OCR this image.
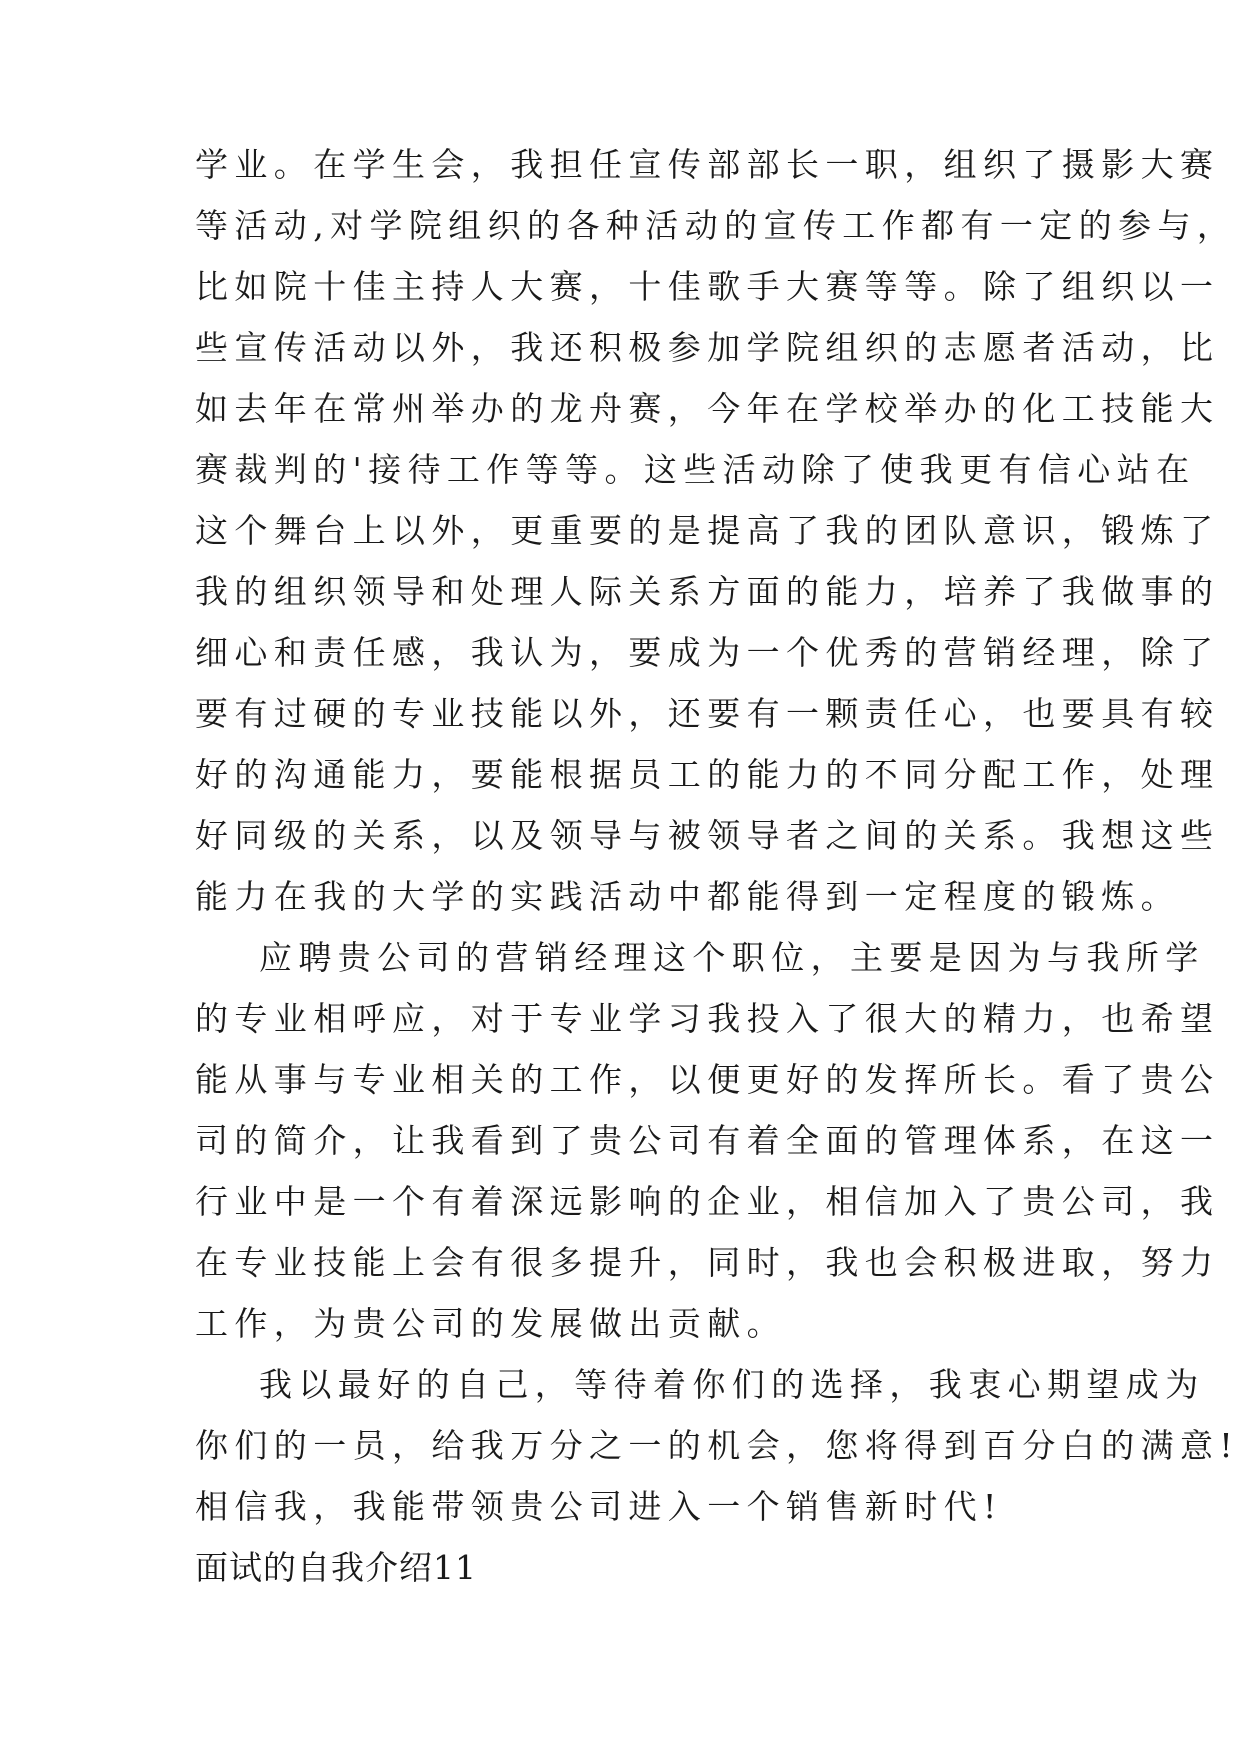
学业。在学生会，我担任宣传部部长一职，组织了摄影大赛
等活动,对学院组织的各种活动的宣传工作都有一定的参与，
比如院十佳主持人大赛，十佳歌手大赛等等。除了组织以一
些宣传活动以外，我还积极参加学院组织的志愿者活动，比
如去年在常州举办的龙舟赛，今年在学校举办的化工技能大
赛裁判的'接待工作等等。这些活动除了使我更有信心站在
这个舞台上以外，更重要的是提高了我的团队意识，锻炼了
我的组织领导和处理人际关系方面的能力，培养了我做事的
细心和责任感，我认为，要成为一个优秀的营销经理，除了
要有过硬的专业技能以外，还要有一颗责任心，也要具有较
好的沟通能力，要能根据员工的能力的不同分配工作，处理
好同级的关系，以及领导与被领导者之间的关系。我想这些
能力在我的大学的实践活动中都能得到一定程度的锻炼。
应聘贵公司的营销经理这个职位，主要是因为与我所学
的专业相呼应，对于专业学习我投入了很大的精力，也希望
能从事与专业相关的工作，以便更好的发挥所长。看了贵公
司的简介，让我看到了贵公司有着全面的管理体系，在这一
行业中是一个有着深远影响的企业，相信加入了贵公司，我
在专业技能上会有很多提升，同时，我也会积极进取，努力
工作，为贵公司的发展做出贡献。
我以最好的自己，等待着你们的选择，我衷心期望成为
你们的一员，给我万分之一的机会，您将得到百分白的满意!
相信我，我能带领贵公司进入一个销售新时代!
面试的自我介绍11
